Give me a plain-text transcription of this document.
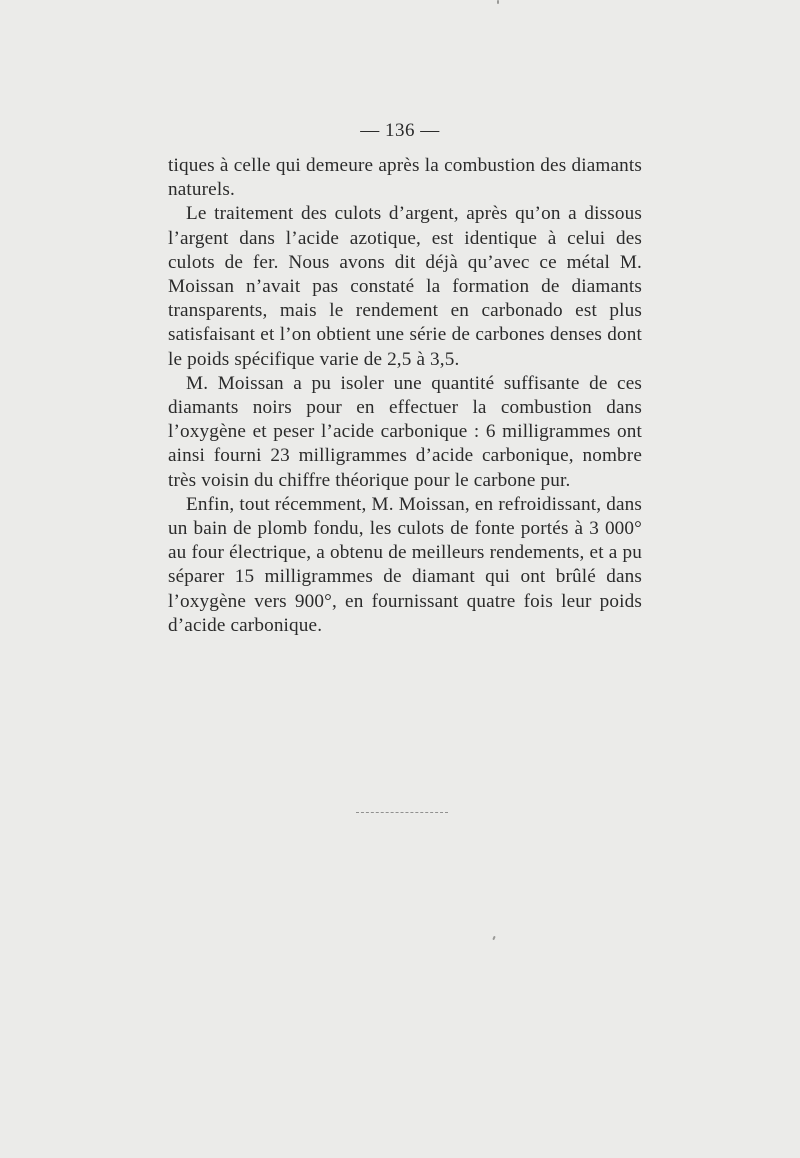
— 136 —

tiques à celle qui demeure après la combustion des diamants naturels.

Le traitement des culots d’argent, après qu’on a dissous l’argent dans l’acide azotique, est identique à celui des culots de fer. Nous avons dit déjà qu’avec ce métal M. Moissan n’avait pas constaté la formation de diamants transparents, mais le rendement en carbonado est plus satisfaisant et l’on obtient une série de carbones denses dont le poids spécifique varie de 2,5 à 3,5.

M. Moissan a pu isoler une quantité suffisante de ces diamants noirs pour en effectuer la combustion dans l’oxygène et peser l’acide carbonique : 6 milligrammes ont ainsi fourni 23 milligrammes d’acide carbonique, nombre très voisin du chiffre théorique pour le carbone pur.

Enfin, tout récemment, M. Moissan, en refroidissant, dans un bain de plomb fondu, les culots de fonte portés à 3 000° au four électrique, a obtenu de meilleurs rendements, et a pu séparer 15 milligrammes de diamant qui ont brûlé dans l’oxygène vers 900°, en fournissant quatre fois leur poids d’acide carbonique.
